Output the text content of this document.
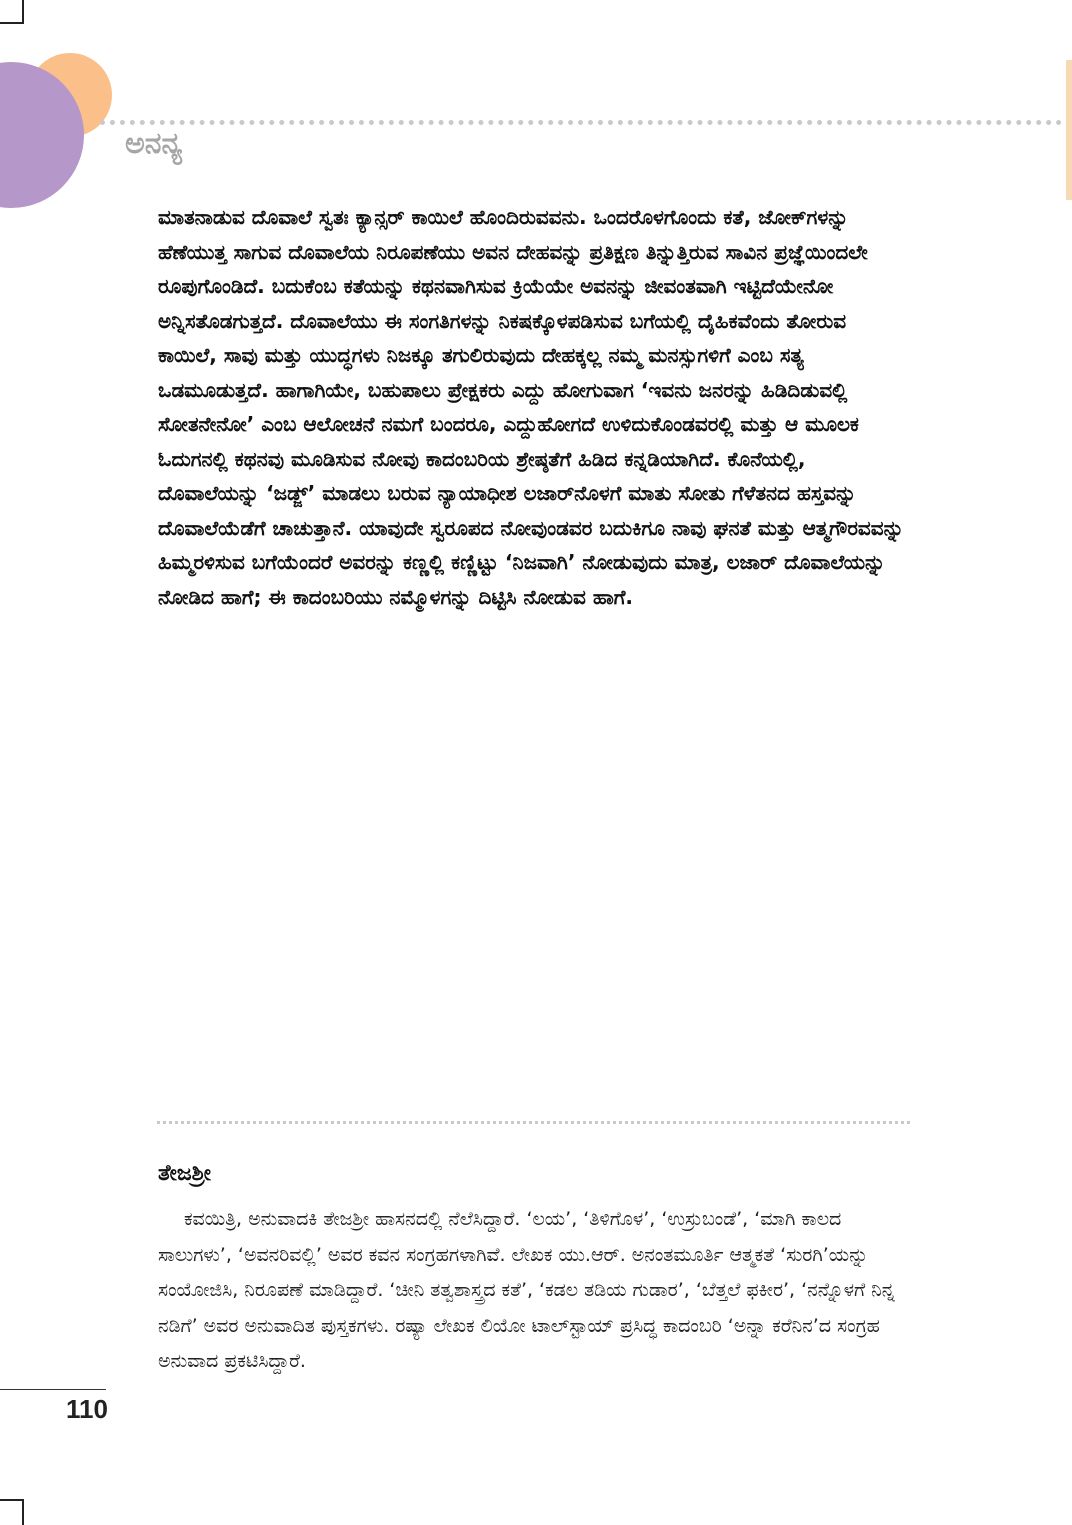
ಅನನ್ಯ

ಮಾತನಾಡುವ ದೊವಾಲೆ ಸ್ವತಃ ಕ್ಯಾನ್ಸರ್ ಕಾಯಿಲೆ ಹೊಂದಿರುವವನು. ಒಂದರೊಳಗೊಂದು ಕತೆ, ಜೋಕ್‌ಗಳನ್ನು ಹೆಣೆಯುತ್ತ ಸಾಗುವ ದೊವಾಲೆಯ ನಿರೂಪಣೆಯು ಅವನ ದೇಹವನ್ನು ಪ್ರತಿಕ್ಷಣ ತಿನ್ನುತ್ತಿರುವ ಸಾವಿನ ಪ್ರಜ್ಞೆಯಿಂದಲೇ ರೂಪುಗೊಂಡಿದೆ. ಬದುಕೆಂಬ ಕತೆಯನ್ನು ಕಥನವಾಗಿಸುವ ಕ್ರಿಯೆಯೇ ಅವನನ್ನು ಜೀವಂತವಾಗಿ ಇಟ್ಟಿದೆಯೇನೋ ಅನ್ನಿಸತೊಡಗುತ್ತದೆ. ದೊವಾಲೆಯು ಈ ಸಂಗತಿಗಳನ್ನು ನಿಕಷಕ್ಕೊಳಪಡಿಸುವ ಬಗೆಯಲ್ಲಿ ದೈಹಿಕವೆಂದು ತೋರುವ ಕಾಯಿಲೆ, ಸಾವು ಮತ್ತು ಯುದ್ಧಗಳು ನಿಜಕ್ಕೂ ತಗುಲಿರುವುದು ದೇಹಕ್ಕಲ್ಲ ನಮ್ಮ ಮನಸ್ಸುಗಳಿಗೆ ಎಂಬ ಸತ್ಯ ಒಡಮೂಡುತ್ತದೆ. ಹಾಗಾಗಿಯೇ, ಬಹುಪಾಲು ಪ್ರೇಕ್ಷಕರು ಎದ್ದು ಹೋಗುವಾಗ ‘ಇವನು ಜನರನ್ನು ಹಿಡಿದಿಡುವಲ್ಲಿ ಸೋತನೇನೋ’ ಎಂಬ ಆಲೋಚನೆ ನಮಗೆ ಬಂದರೂ, ಎದ್ದುಹೋಗದೆ ಉಳಿದುಕೊಂಡವರಲ್ಲಿ ಮತ್ತು ಆ ಮೂಲಕ ಓದುಗನಲ್ಲಿ ಕಥನವು ಮೂಡಿಸುವ ನೋವು ಕಾದಂಬರಿಯ ಶ್ರೇಷ್ಠತೆಗೆ ಹಿಡಿದ ಕನ್ನಡಿಯಾಗಿದೆ. ಕೊನೆಯಲ್ಲಿ, ದೊವಾಲೆಯನ್ನು ‘ಜಡ್ಜ್’ ಮಾಡಲು ಬರುವ ನ್ಯಾಯಾಧೀಶ ಲಜಾರ್‌ನೊಳಗೆ ಮಾತು ಸೋತು ಗೆಳೆತನದ ಹಸ್ತವನ್ನು ದೊವಾಲೆಯೆಡೆಗೆ ಚಾಚುತ್ತಾನೆ. ಯಾವುದೇ ಸ್ವರೂಪದ ನೋವುಂಡವರ ಬದುಕಿಗೂ ನಾವು ಘನತೆ ಮತ್ತು ಆತ್ಮಗೌರವವನ್ನು ಹಿಮ್ಮರಳಿಸುವ ಬಗೆಯೆಂದರೆ ಅವರನ್ನು ಕಣ್ಣಲ್ಲಿ ಕಣ್ಣಿಟ್ಟು ‘ನಿಜವಾಗಿ’ ನೋಡುವುದು ಮಾತ್ರ, ಲಜಾರ್ ದೊವಾಲೆಯನ್ನು ನೋಡಿದ ಹಾಗೆ; ಈ ಕಾದಂಬರಿಯು ನಮ್ಮೊಳಗನ್ನು ದಿಟ್ಟಿಸಿ ನೋಡುವ ಹಾಗೆ.

ತೇಜಶ್ರೀ

ಕವಯಿತ್ರಿ, ಅನುವಾದಕಿ ತೇಜಶ್ರೀ ಹಾಸನದಲ್ಲಿ ನೆಲೆಸಿದ್ದಾರೆ. ‘ಲಯ’, ‘ತಿಳಿಗೊಳ’, ‘ಉಸ್ರುಬಂಡೆ’, ‘ಮಾಗಿ ಕಾಲದ ಸಾಲುಗಳು’, ‘ಅವನರಿವಲ್ಲಿ’ ಅವರ ಕವನ ಸಂಗ್ರಹಗಳಾಗಿವೆ. ಲೇಖಕ ಯು.ಆರ್. ಅನಂತಮೂರ್ತಿ ಆತ್ಮಕತೆ ‘ಸುರಗಿ’ಯನ್ನು ಸಂಯೋಜಿಸಿ, ನಿರೂಪಣೆ ಮಾಡಿದ್ದಾರೆ. ‘ಚೀನಿ ತತ್ವಶಾಸ್ತ್ರದ ಕತೆ’, ‘ಕಡಲ ತಡಿಯ ಗುಡಾರ’, ‘ಬೆತ್ತಲೆ ಫಕೀರ’, ‘ನನ್ನೊಳಗೆ ನಿನ್ನ ನಡಿಗೆ’ ಅವರ ಅನುವಾದಿತ ಪುಸ್ತಕಗಳು. ರಷ್ಯಾ ಲೇಖಕ ಲಿಯೋ ಟಾಲ್‌ಸ್ಟಾಯ್ ಪ್ರಸಿದ್ಧ ಕಾದಂಬರಿ ‘ಅನ್ನಾ ಕರೆನಿನ’ದ ಸಂಗ್ರಹ ಅನುವಾದ ಪ್ರಕಟಿಸಿದ್ದಾರೆ.

110
